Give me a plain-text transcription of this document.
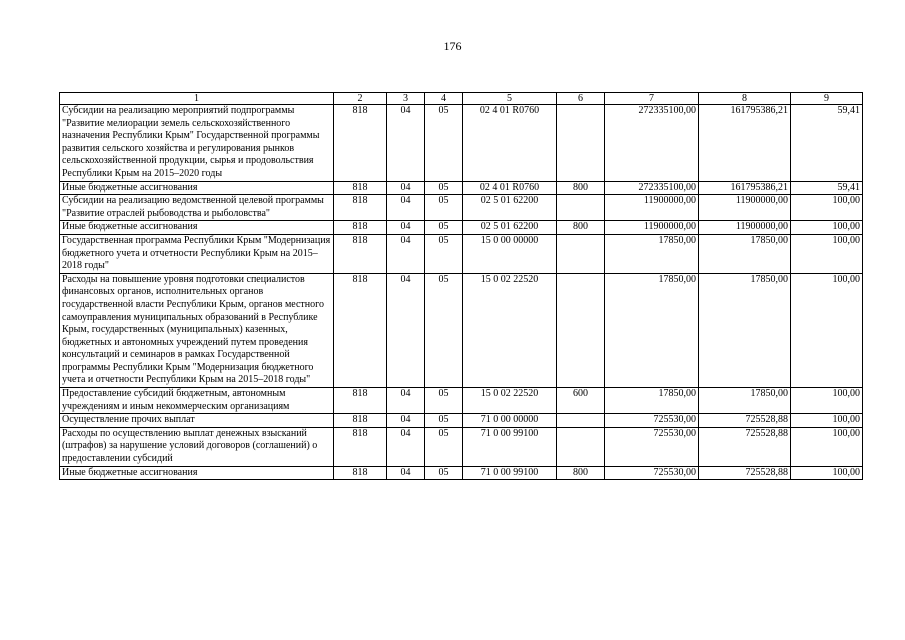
176
1	2	3	4	5	6	7	8	9
Субсидии на реализацию мероприятий подпрограммы "Развитие мелиорации земель сельскохозяйственного назначения Республики Крым" Государственной программы развития сельского хозяйства и регулирования рынков сельскохозяйственной продукции, сырья и продовольствия Республики Крым на 2015–2020 годы	818	04	05	02 4 01 R0760		272335100,00	161795386,21	59,41
Иные бюджетные ассигнования	818	04	05	02 4 01 R0760	800	272335100,00	161795386,21	59,41
Субсидии на реализацию ведомственной целевой программы "Развитие отраслей рыбоводства и рыболовства"	818	04	05	02 5 01 62200		11900000,00	11900000,00	100,00
Иные бюджетные ассигнования	818	04	05	02 5 01 62200	800	11900000,00	11900000,00	100,00
Государственная программа Республики Крым "Модернизация бюджетного учета и отчетности Республики Крым на 2015–2018 годы"	818	04	05	15 0 00 00000		17850,00	17850,00	100,00
Расходы на повышение уровня подготовки специалистов финансовых органов, исполнительных органов государственной власти Республики Крым, органов местного самоуправления муниципальных образований в Республике Крым, государственных (муниципальных) казенных, бюджетных и автономных учреждений путем проведения консультаций и семинаров в рамках Государственной программы Республики Крым "Модернизация бюджетного учета и отчетности Республики Крым на 2015–2018 годы"	818	04	05	15 0 02 22520		17850,00	17850,00	100,00
Предоставление субсидий бюджетным, автономным учреждениям и иным некоммерческим организациям	818	04	05	15 0 02 22520	600	17850,00	17850,00	100,00
Осуществление прочих выплат	818	04	05	71 0 00 00000		725530,00	725528,88	100,00
Расходы по осуществлению выплат денежных взысканий (штрафов) за нарушение условий договоров (соглашений) о предоставлении субсидий	818	04	05	71 0 00 99100		725530,00	725528,88	100,00
Иные бюджетные ассигнования	818	04	05	71 0 00 99100	800	725530,00	725528,88	100,00
